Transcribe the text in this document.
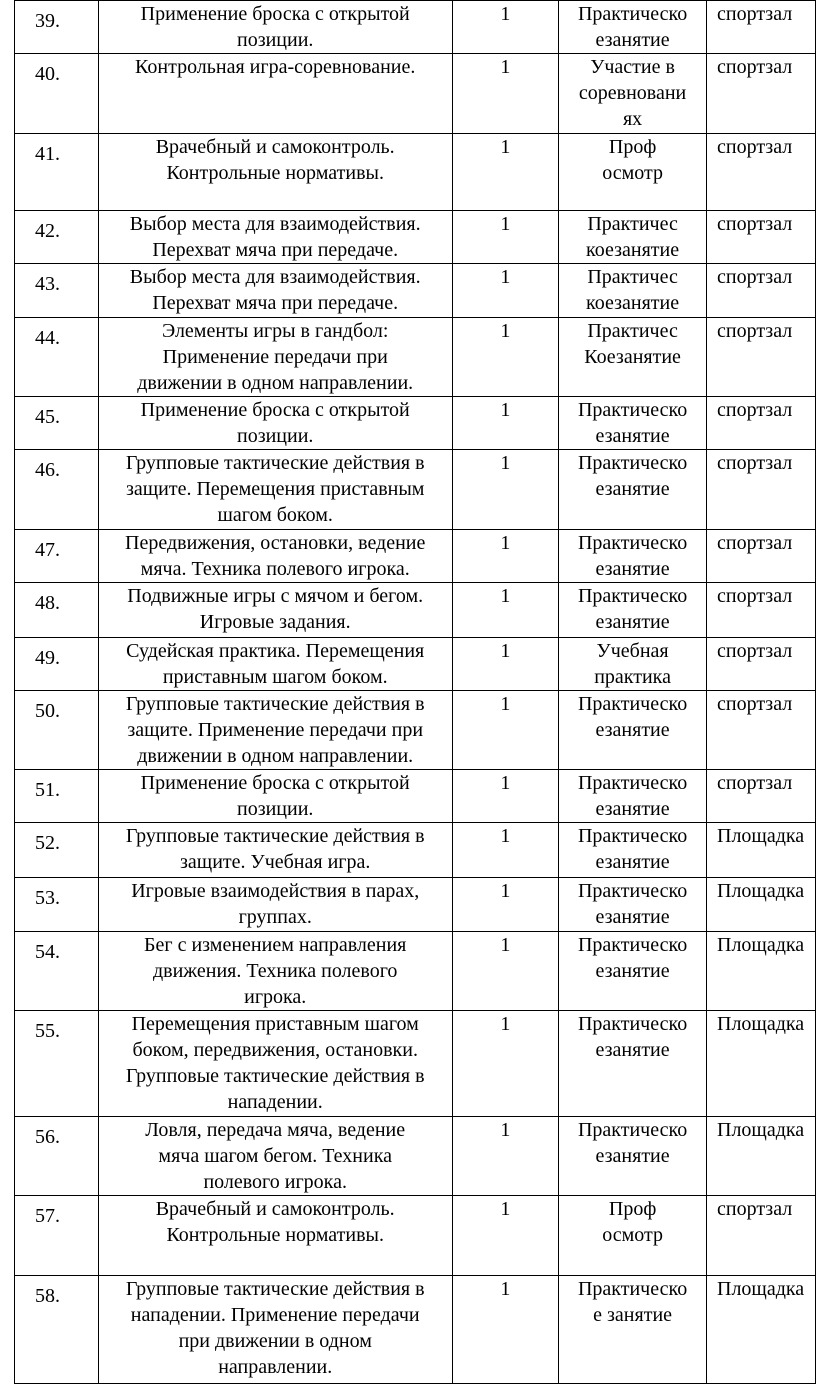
39.	Применение броска с открытой
позиции.	1	Практическо
езанятие	спортзал

40.	Контрольная игра-соревнование.	1	Участие в
соревновани
ях	спортзал

41.	Врачебный и самоконтроль.
Контрольные нормативы.	1	Проф
осмотр	спортзал

42.	Выбор места для взаимодействия.
Перехват мяча при передаче.	1	Практичес
коезанятие	спортзал

43.	Выбор места для взаимодействия.
Перехват мяча при передаче.	1	Практичес
коезанятие	спортзал

44.	Элементы игры в гандбол:
Применение передачи при
движении в одном направлении.	1	Практичес
Коезанятие	спортзал

45.	Применение броска с открытой
позиции.	1	Практическо
езанятие	спортзал

46.	Групповые тактические действия в
защите. Перемещения приставным
шагом боком.	1	Практическо
езанятие	спортзал

47.	Передвижения, остановки, ведение
мяча. Техника полевого игрока.	1	Практическо
езанятие	спортзал

48.	Подвижные игры с мячом и бегом.
Игровые задания.	1	Практическо
езанятие	спортзал

49.	Судейская практика. Перемещения
приставным шагом боком.	1	Учебная
практика	спортзал

50.	Групповые тактические действия в
защите. Применение передачи при
движении в одном направлении.	1	Практическо
езанятие	спортзал

51.	Применение броска с открытой
позиции.	1	Практическо
езанятие	спортзал

52.	Групповые тактические действия в
защите. Учебная игра.	1	Практическо
езанятие	Площадка

53.	Игровые взаимодействия в парах,
группах.	1	Практическо
езанятие	Площадка

54.	Бег с изменением направления
движения. Техника полевого
игрока.	1	Практическо
езанятие	Площадка

55.	Перемещения приставным шагом
боком, передвижения, остановки.
Групповые тактические действия в
нападении.	1	Практическо
езанятие	Площадка

56.	Ловля, передача мяча, ведение
мяча шагом бегом. Техника
полевого игрока.	1	Практическо
езанятие	Площадка

57.	Врачебный и самоконтроль.
Контрольные нормативы.	1	Проф
осмотр	спортзал

58.	Групповые тактические действия в
нападении. Применение передачи
при движении в одном
направлении.	1	Практическо
е занятие	Площадка
